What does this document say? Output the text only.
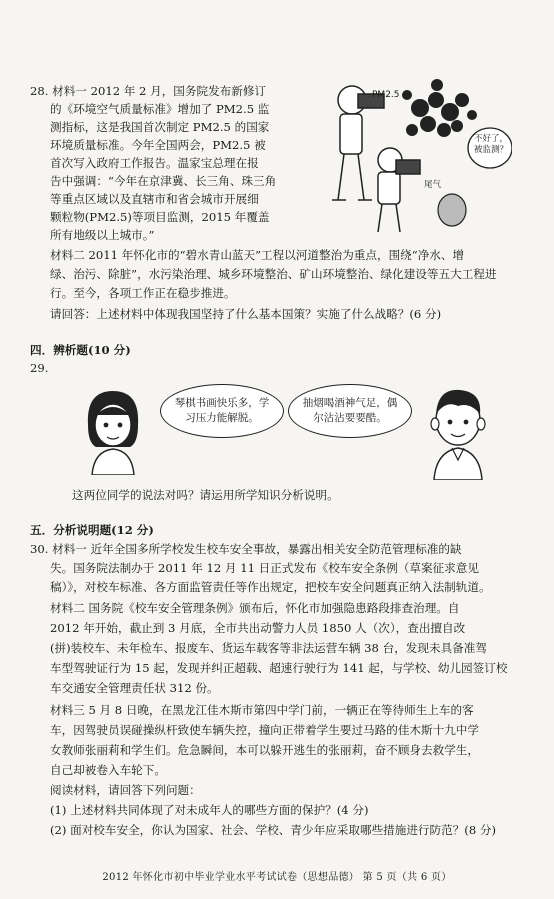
28. 材料一 2012 年 2 月，国务院发布新修订
的《环境空气质量标准》增加了 PM2.5 监
测指标，这是我国首次制定 PM2.5 的国家
环境质量标准。今年全国两会，PM2.5 被
首次写入政府工作报告。温家宝总理在报
告中强调：“今年在京津冀、长三角、珠三角
等重点区域以及直辖市和省会城市开展细
颗粒物(PM2.5)等项目监测，2015 年覆盖
所有地级以上城市。”
材料二 2011 年怀化市的“碧水青山蓝天”工程以河道整治为重点，围绕“净水、增
绿、治污、除脏”，水污染治理、城乡环境整治、矿山环境整治、绿化建设等五大工程进
行。至今，各项工作正在稳步推进。
请回答：上述材料中体现我国坚持了什么基本国策？实施了什么战略？(6 分)
PM2.5
不好了，被监测？
尾气
四．辨析题(10 分)
29.
琴棋书画快乐多，学习压力能解脱。
抽烟喝酒神气足，偶尔沾沾要要酷。
这两位同学的说法对吗？请运用所学知识分析说明。
五．分析说明题(12 分)
30. 材料一 近年全国多所学校发生校车安全事故，暴露出相关安全防范管理标准的缺
失。国务院法制办于 2011 年 12 月 11 日正式发布《校车安全条例（草案征求意见
稿）》，对校车标准、各方面监管责任等作出规定，把校车安全问题真正纳入法制轨道。
材料二 国务院《校车安全管理条例》颁布后，怀化市加强隐患路段排查治理。自
2012 年开始，截止到 3 月底，全市共出动警力人员 1850 人（次），查出擅自改
(拼)装校车、未年检车、报废车、货运车载客等非法运营车辆 38 台，发现未具备准驾
车型驾驶证行为 15 起，发现并纠正超载、超速行驶行为 141 起，与学校、幼儿园签订校
车交通安全管理责任状 312 份。
材料三 5 月 8 日晚，在黑龙江佳木斯市第四中学门前，一辆正在等待师生上车的客
车，因驾驶员误碰操纵杆致使车辆失控，撞向正带着学生要过马路的佳木斯十九中学
女教师张丽莉和学生们。危急瞬间，本可以躲开逃生的张丽莉，奋不顾身去救学生，
自己却被卷入车轮下。
阅读材料，请回答下列问题：
(1) 上述材料共同体现了对未成年人的哪些方面的保护？(4 分)
(2) 面对校车安全，你认为国家、社会、学校、青少年应采取哪些措施进行防范？(8 分)
2012 年怀化市初中毕业学业水平考试试卷（思想品德） 第 5 页（共 6 页）
